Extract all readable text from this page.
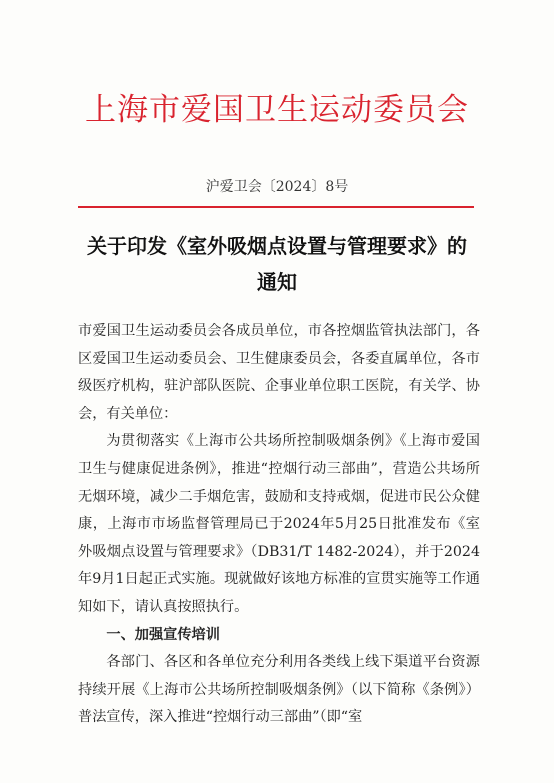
上海市爱国卫生运动委员会
沪爱卫会〔2024〕8号
关于印发《室外吸烟点设置与管理要求》的
通知

市爱国卫生运动委员会各成员单位，市各控烟监管执法部门，各区爱国卫生运动委员会、卫生健康委员会，各委直属单位，各市级医疗机构，驻沪部队医院、企事业单位职工医院，有关学、协会，有关单位：

为贯彻落实《上海市公共场所控制吸烟条例》《上海市爱国卫生与健康促进条例》，推进“控烟行动三部曲”，营造公共场所无烟环境，减少二手烟危害，鼓励和支持戒烟，促进市民公众健康，上海市市场监督管理局已于2024年5月25日批准发布《室外吸烟点设置与管理要求》（DB31/T 1482-2024），并于2024年9月1日起正式实施。现就做好该地方标准的宣贯实施等工作通知如下，请认真按照执行。

一、加强宣传培训

各部门、各区和各单位充分利用各类线上线下渠道平台资源持续开展《上海市公共场所控制吸烟条例》（以下简称《条例》）普法宣传，深入推进“控烟行动三部曲”（即“室
